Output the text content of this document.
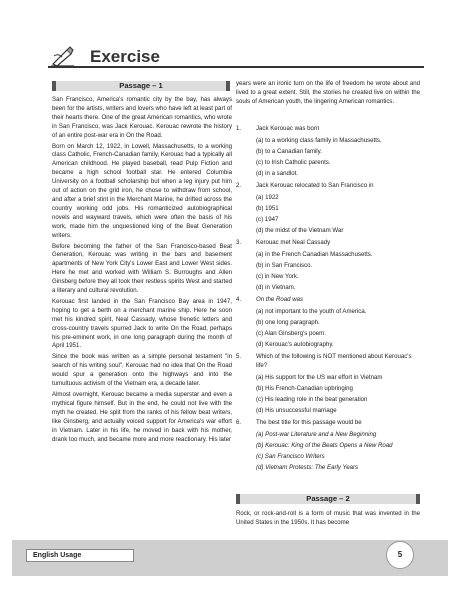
Exercise
Passage – 1

San Francisco, America's romantic city by the bay, has always been for the artists, writers and lovers who have left at least part of their hearts there. One of the great American romantics, who wrote in San Francisco, was Jack Kerouac. Kerouac rewrote the history of an entire post-war era in On the Road.

Born on March 12, 1922, in Lowell, Massachusetts, to a working class Catholic, French-Canadian family, Kerouac had a typically all American childhood. He played baseball, read Pulp Fiction and became a high school football star. He entered Columbia University on a football scholarship but when a leg injury put him out of action on the grid iron, he chose to withdraw from school, and after a brief stint in the Merchant Marine, he drifted across the country working odd jobs. His romanticized autobiographical novels and wayward travels, which were often the basis of his work, made him the unquestioned king of the Beat Generation writers.

Before becoming the father of the San Francisco-based Beat Generation, Kerouac was writing in the bars and basement apartments of New York City's Lower East and Lower West sides. Here he met and worked with William S. Burroughs and Allen Ginsberg before they all took their restless spirits West and started a literary and cultural revolution.

Kerouac first landed in the San Francisco Bay area in 1947, hoping to get a berth on a merchant marine ship. Here he soon met his kindred spirit, Neal Cassady, whose frenetic letters and cross-country travels spurred Jack to write On the Road, perhaps his pre-eminent work, in one long paragraph during the month of April 1951.

Since the book was written as a simple personal testament "in search of his writing soul", Kerouac had no idea that On the Road would spur a generation onto the highways and into the tumultuous activism of the Vietnam era, a decade later.

Almost overnight, Kerouac became a media superstar and even a mythical figure himself. But in the end, he could not live with the myth he created. He split from the ranks of his fellow beat writers, like Ginsberg, and actually voiced support for America's war effort in Vietnam. Later in his life, he moved in back with his mother, drank too much, and became more and more reactionary. His later

years were an ironic turn on the life of freedom he wrote about and lived to a great extent. Still, the stories he created live on within the souls of American youth, the lingering American romantics.
1. Jack Kerouac was born
(a) to a working class family in Massachusetts.
(b) to a Canadian family.
(c) to Irish Catholic parents.
(d) in a sandlot.
2. Jack Kerouac relocated to San Francisco in
(a) 1922
(b) 1951
(c) 1947
(d) the midst of the Vietnam War
3. Kerouac met Neal Cassady
(a) in the French Canadian Massachusetts.
(b) in San Francisco.
(c) in New York.
(d) in Vietnam.
4. On the Road was
(a) not important to the youth of America.
(b) one long paragraph.
(c) Alan Ginsberg's poem.
(d) Kerouac's autobiography.
5. Which of the following is NOT mentioned about Kerouac's life?
(a) His support for the US war effort in Vietnam
(b) His French-Canadian upbringing
(c) His leading role in the beat generation
(d) His unsuccessful marriage
6. The best title for this passage would be
(a) Post-war Literature and a New Beginning
(b) Kerouac: King of the Beats Opens a New Road
(c) San Francisco Writers
(d) Vietnam Protests: The Early Years
Passage – 2
Rock, or rock-and-roll is a form of music that was invented in the United States in the 1950s. It has become
English Usage	5
